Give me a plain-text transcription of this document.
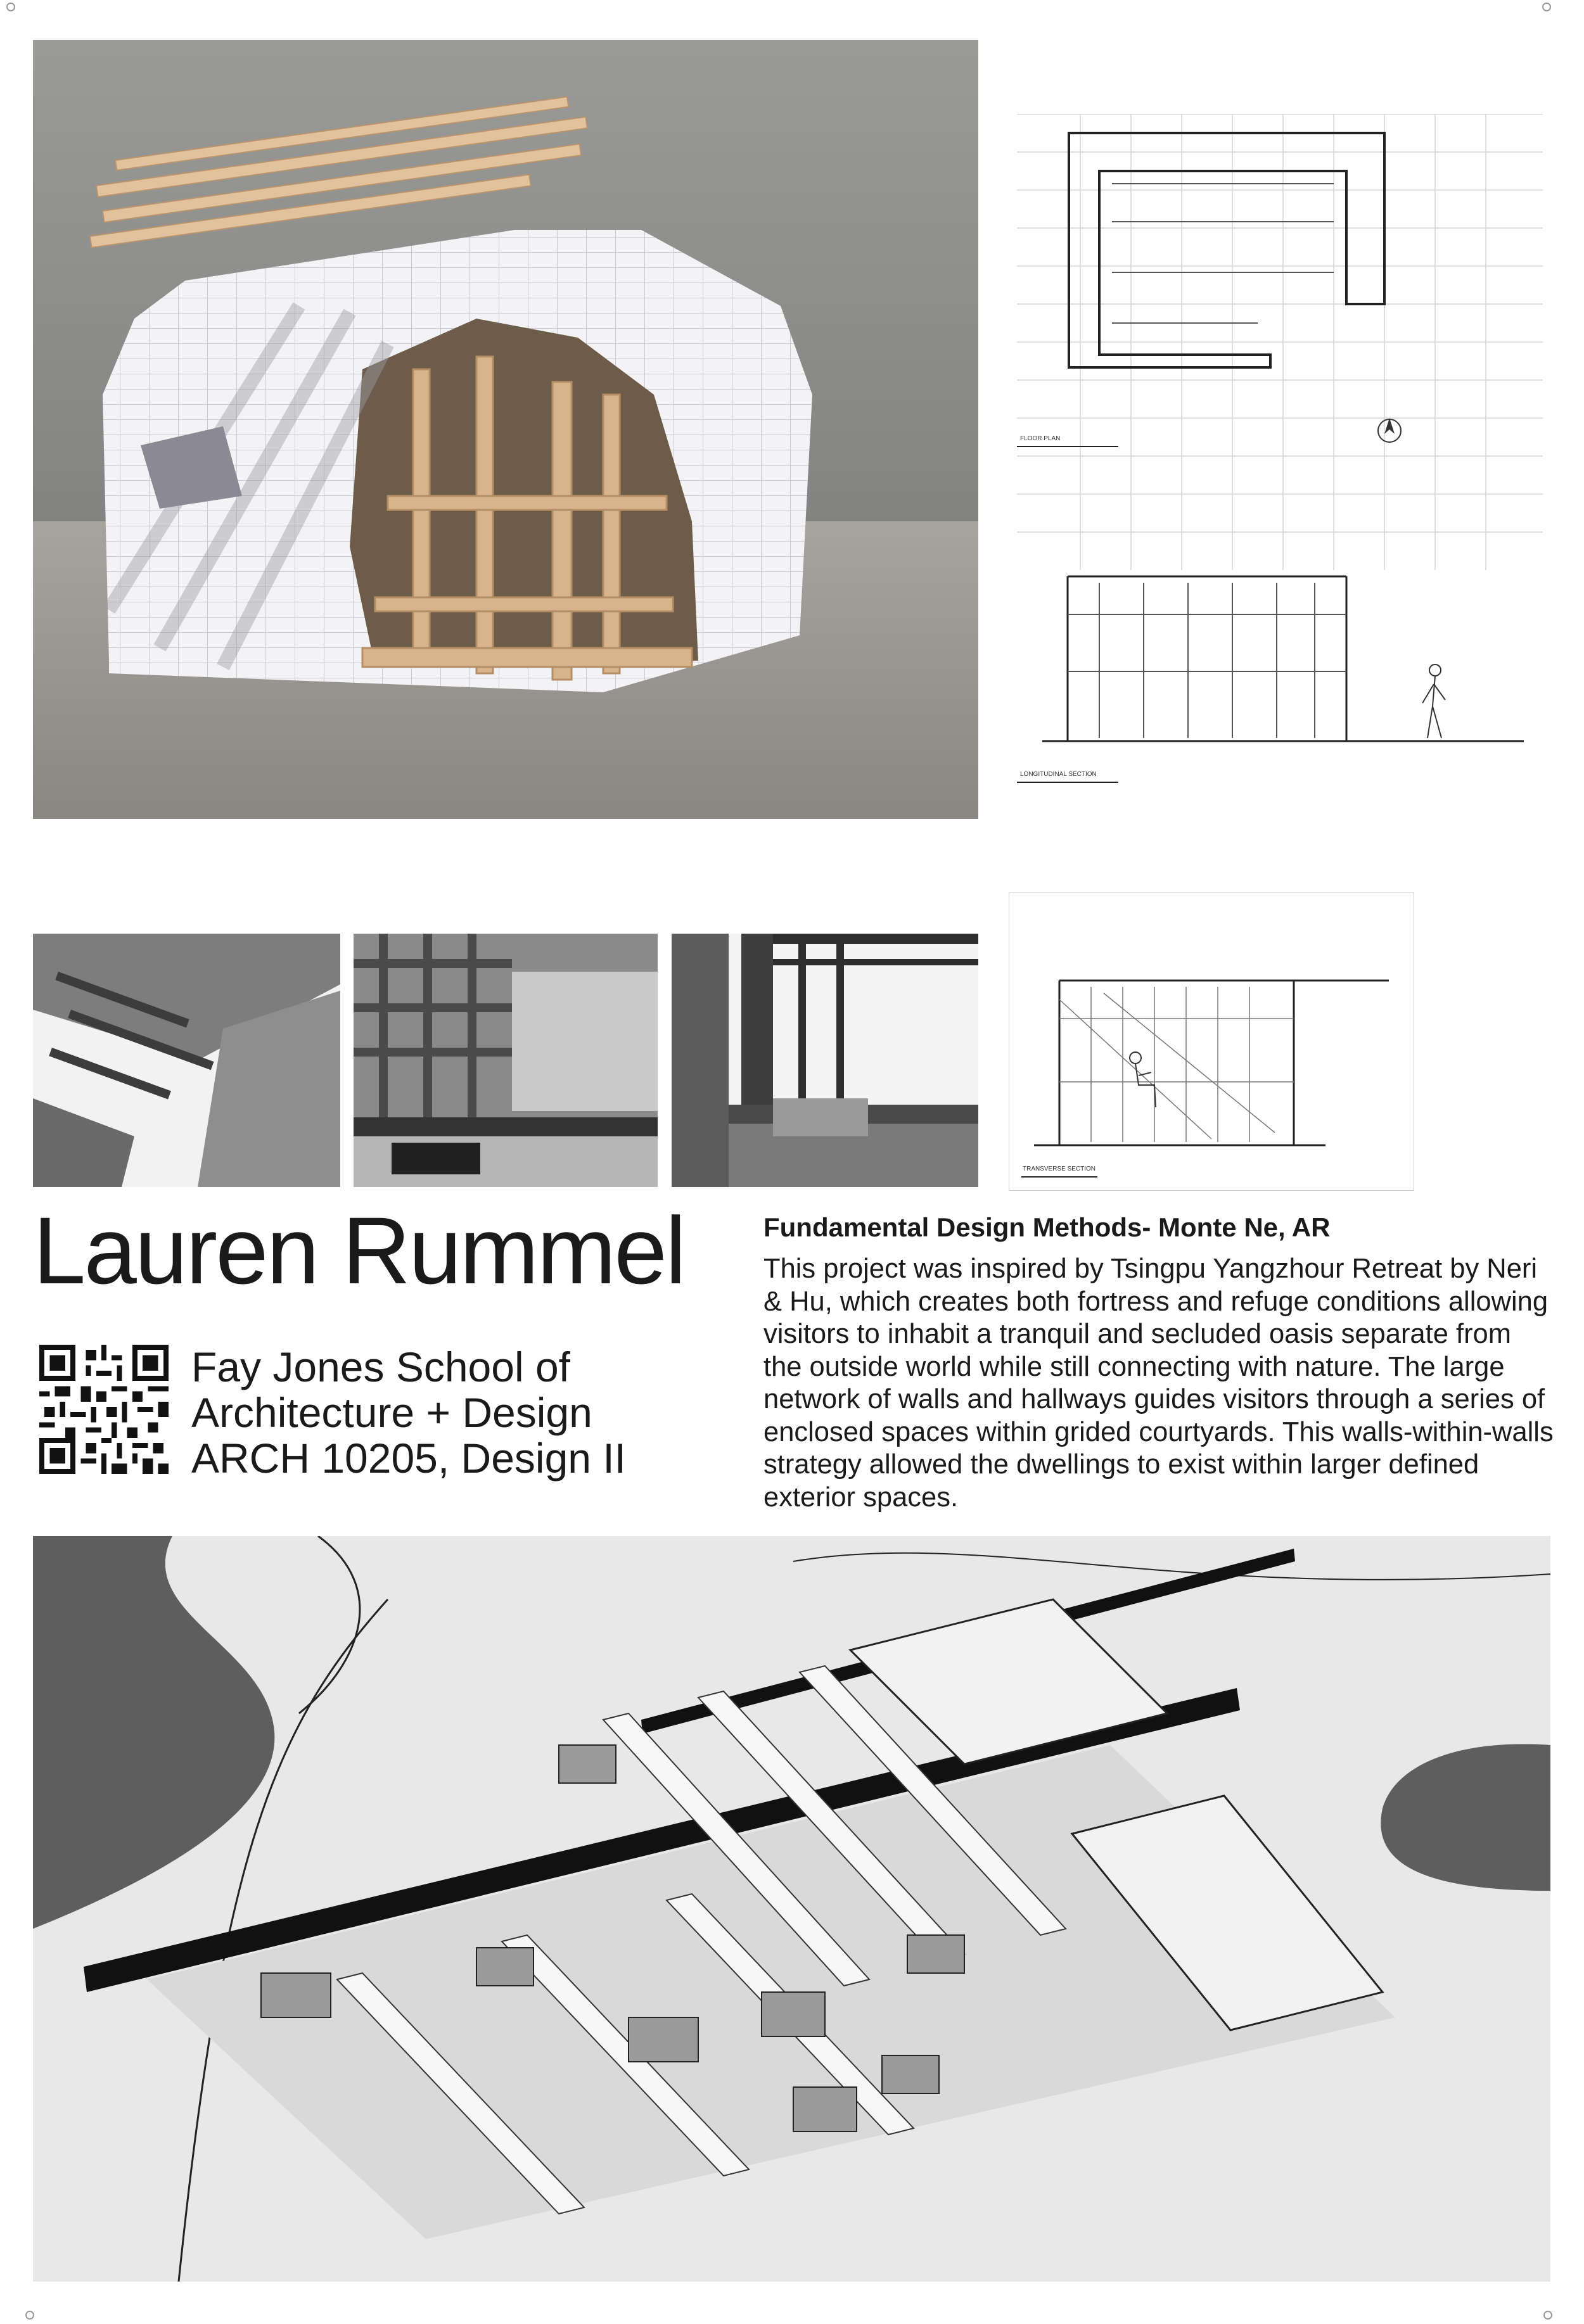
FLOOR PLAN
LONGITUDINAL SECTION
TRANSVERSE SECTION
Lauren Rummel
Fay Jones School of
Architecture + Design
ARCH 10205, Design II
Fundamental Design Methods- Monte Ne, AR

This project was inspired by Tsingpu Yangzhour Retreat by Neri & Hu, which creates both fortress and refuge conditions allowing visitors to inhabit a tranquil and secluded oasis separate from the outside world while still connecting with nature. The large network of walls and hallways guides visitors through a series of enclosed spaces within grided courtyards. This walls-within-walls strategy allowed the dwellings to exist within larger defined exterior spaces.
